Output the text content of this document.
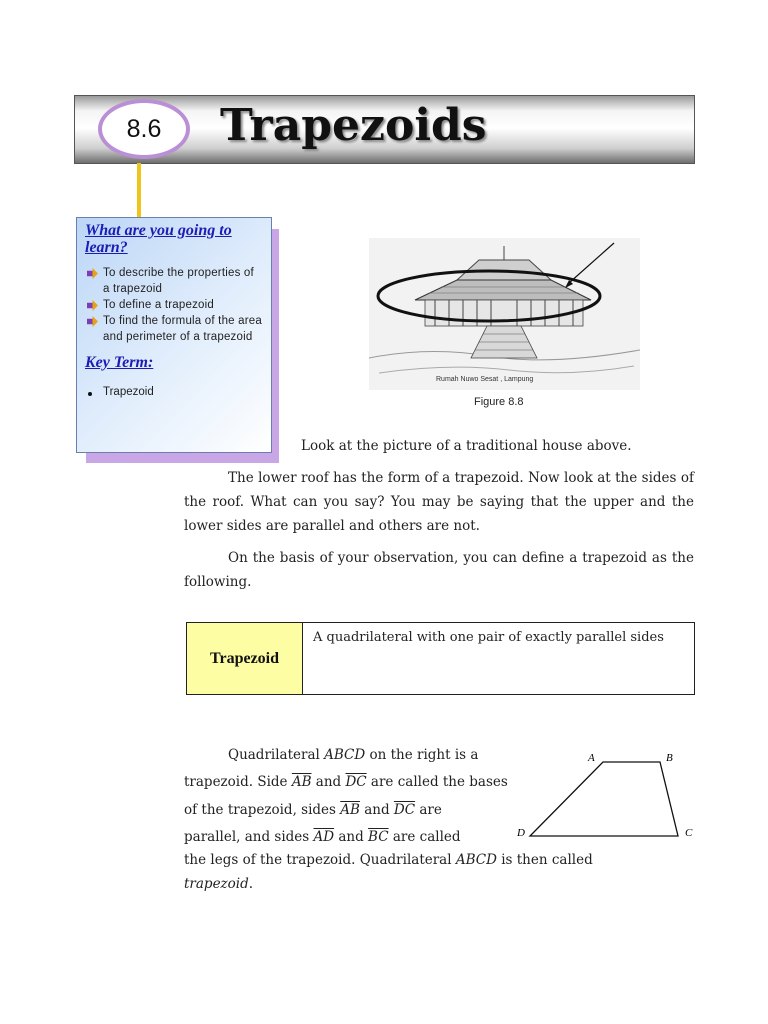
8.6 Trapezoids

What are you going to learn?

To describe the properties of a trapezoid
To define a trapezoid
To find the formula of the area and perimeter of a trapezoid

Key Term:

Trapezoid
Rumah Nuwo Sesat , Lampung
Figure 8.8
Look at the picture of a traditional house above.
The lower roof has the form of a trapezoid. Now look at the sides of the roof. What can you say? You may be saying that the upper and the lower sides are parallel and others are not.
On the basis of your observation, you can define a trapezoid as the following.
Trapezoid
A quadrilateral with one pair of exactly parallel sides
Quadrilateral ABCD on the right is a
trapezoid. Side $\overline{AB}$ and $\overline{DC}$ are called the bases
of the trapezoid, sides $\overline{AB}$ and $\overline{DC}$ are
parallel, and sides $\overline{AD}$ and $\overline{BC}$ are called
the legs of the trapezoid. Quadrilateral ABCD is then called
trapezoid.
A	B
C
D
